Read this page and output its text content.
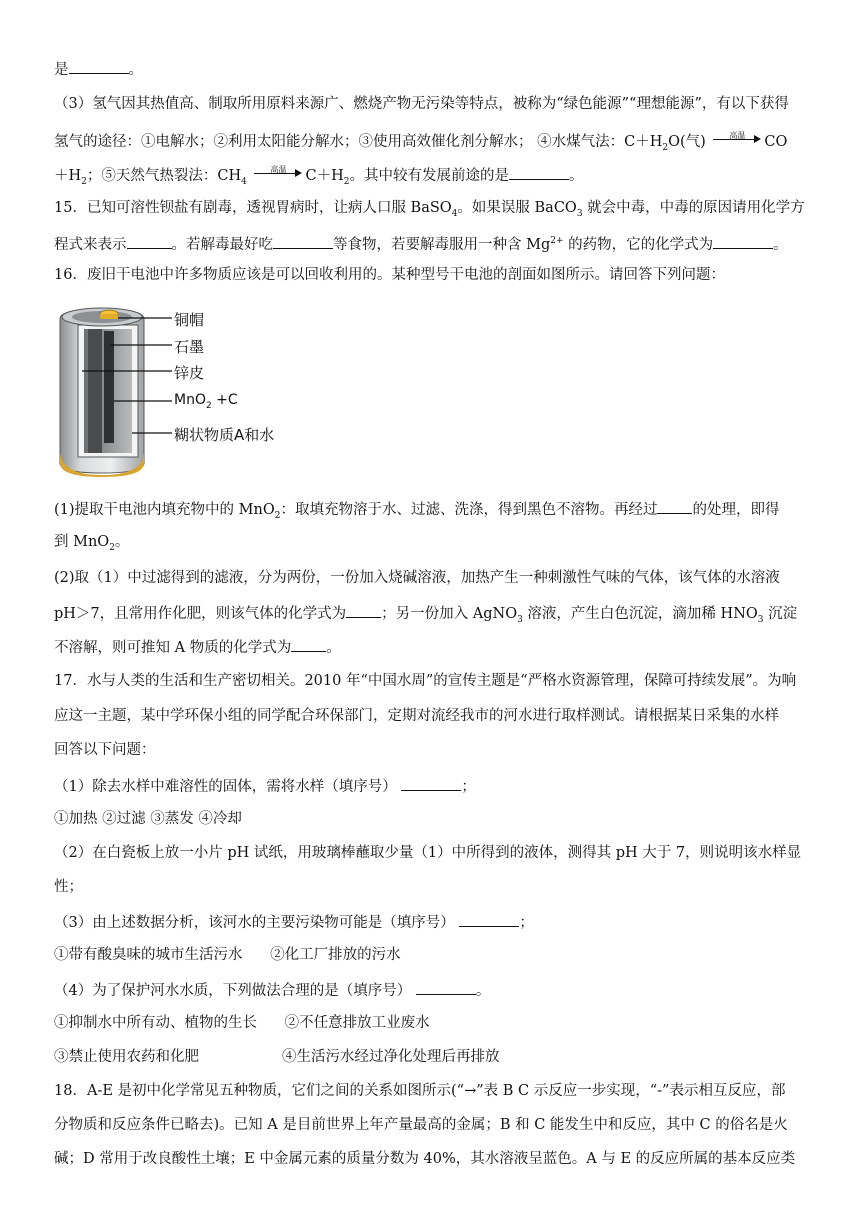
是	。
（3）氢气因其热值高、制取所用原料来源广、燃烧产物无污染等特点，被称为“绿色能源”“理想能源”，有以下获得
氢气的途径：①电解水；②利用太阳能分解水；③使用高效催化剂分解水； ④水煤气法：$C+H_2O$(气)	高温	CO
$+H_2$；⑤天然气热裂法：$CH_4$
高温	$C+H_2$。其中较有发展前途的是	。
15．已知可溶性钡盐有剧毒，透视胃病时，让病人口服 BaSO$_4$。如果误服 BaCO$_3$ 就会中毒，中毒的原因请用化学方
程式来表示	。若解毒最好吃	等食物，若要解毒服用一种含 $Mg^{2+}$ 的药物，它的化学式为	。
16．废旧干电池中许多物质应该是可以回收利用的。某种型号干电池的剖面如图所示。请回答下列问题：
铜帽
石墨
锌皮
MnO$_2$ +C
糊状物质A和水
(1)提取干电池内填充物中的 MnO$_2$：取填充物溶于水、过滤、洗涤，得到黑色不溶物。再经过 的处理，即得
到 MnO$_2$。
(2)取（1）中过滤得到的滤液，分为两份，一份加入烧碱溶液，加热产生一种刺激性气味的气体，该气体的水溶液
pH＞7，且常用作化肥，则该气体的化学式为 ；另一份加入 AgNO$_3$ 溶液，产生白色沉淀，滴加稀 $HNO_3$ 沉淀
不溶解，则可推知 A 物质的化学式为 。
17．水与人类的生活和生产密切相关。2010 年“中国水周”的宣传主题是“严格水资源管理，保障可持续发展”。为响
应这一主题，某中学环保小组的同学配合环保部门，定期对流经我市的河水进行取样测试。请根据某日采集的水样
回答以下问题：
（1）除去水样中难溶性的固体，需将水样（填序号）	；
①加热 ②过滤 ③蒸发 ④冷却
（2）在白瓷板上放一小片 pH 试纸，用玻璃棒蘸取少量（1）中所得到的液体，测得其 pH 大于 7，则说明该水样显
性；
（3）由上述数据分析，该河水的主要污染物可能是（填序号）	；
①带有酸臭味的城市生活污水      ②化工厂排放的污水
（4）为了保护河水水质，下列做法合理的是（填序号）	。
①抑制水中所有动、植物的生长      ②不任意排放工业废水
③禁止使用农药和化肥                  ④生活污水经过净化处理后再排放
18．A-E 是初中化学常见五种物质，它们之间的关系如图所示(“→”表 B C 示反应一步实现，“-”表示相互反应，部
分物质和反应条件已略去)。已知 A 是目前世界上年产量最高的金属；B 和 C 能发生中和反应，其中 C 的俗名是火
碱；D 常用于改良酸性土壤；E 中金属元素的质量分数为 40%，其水溶液呈蓝色。A 与 E 的反应所属的基本反应类
